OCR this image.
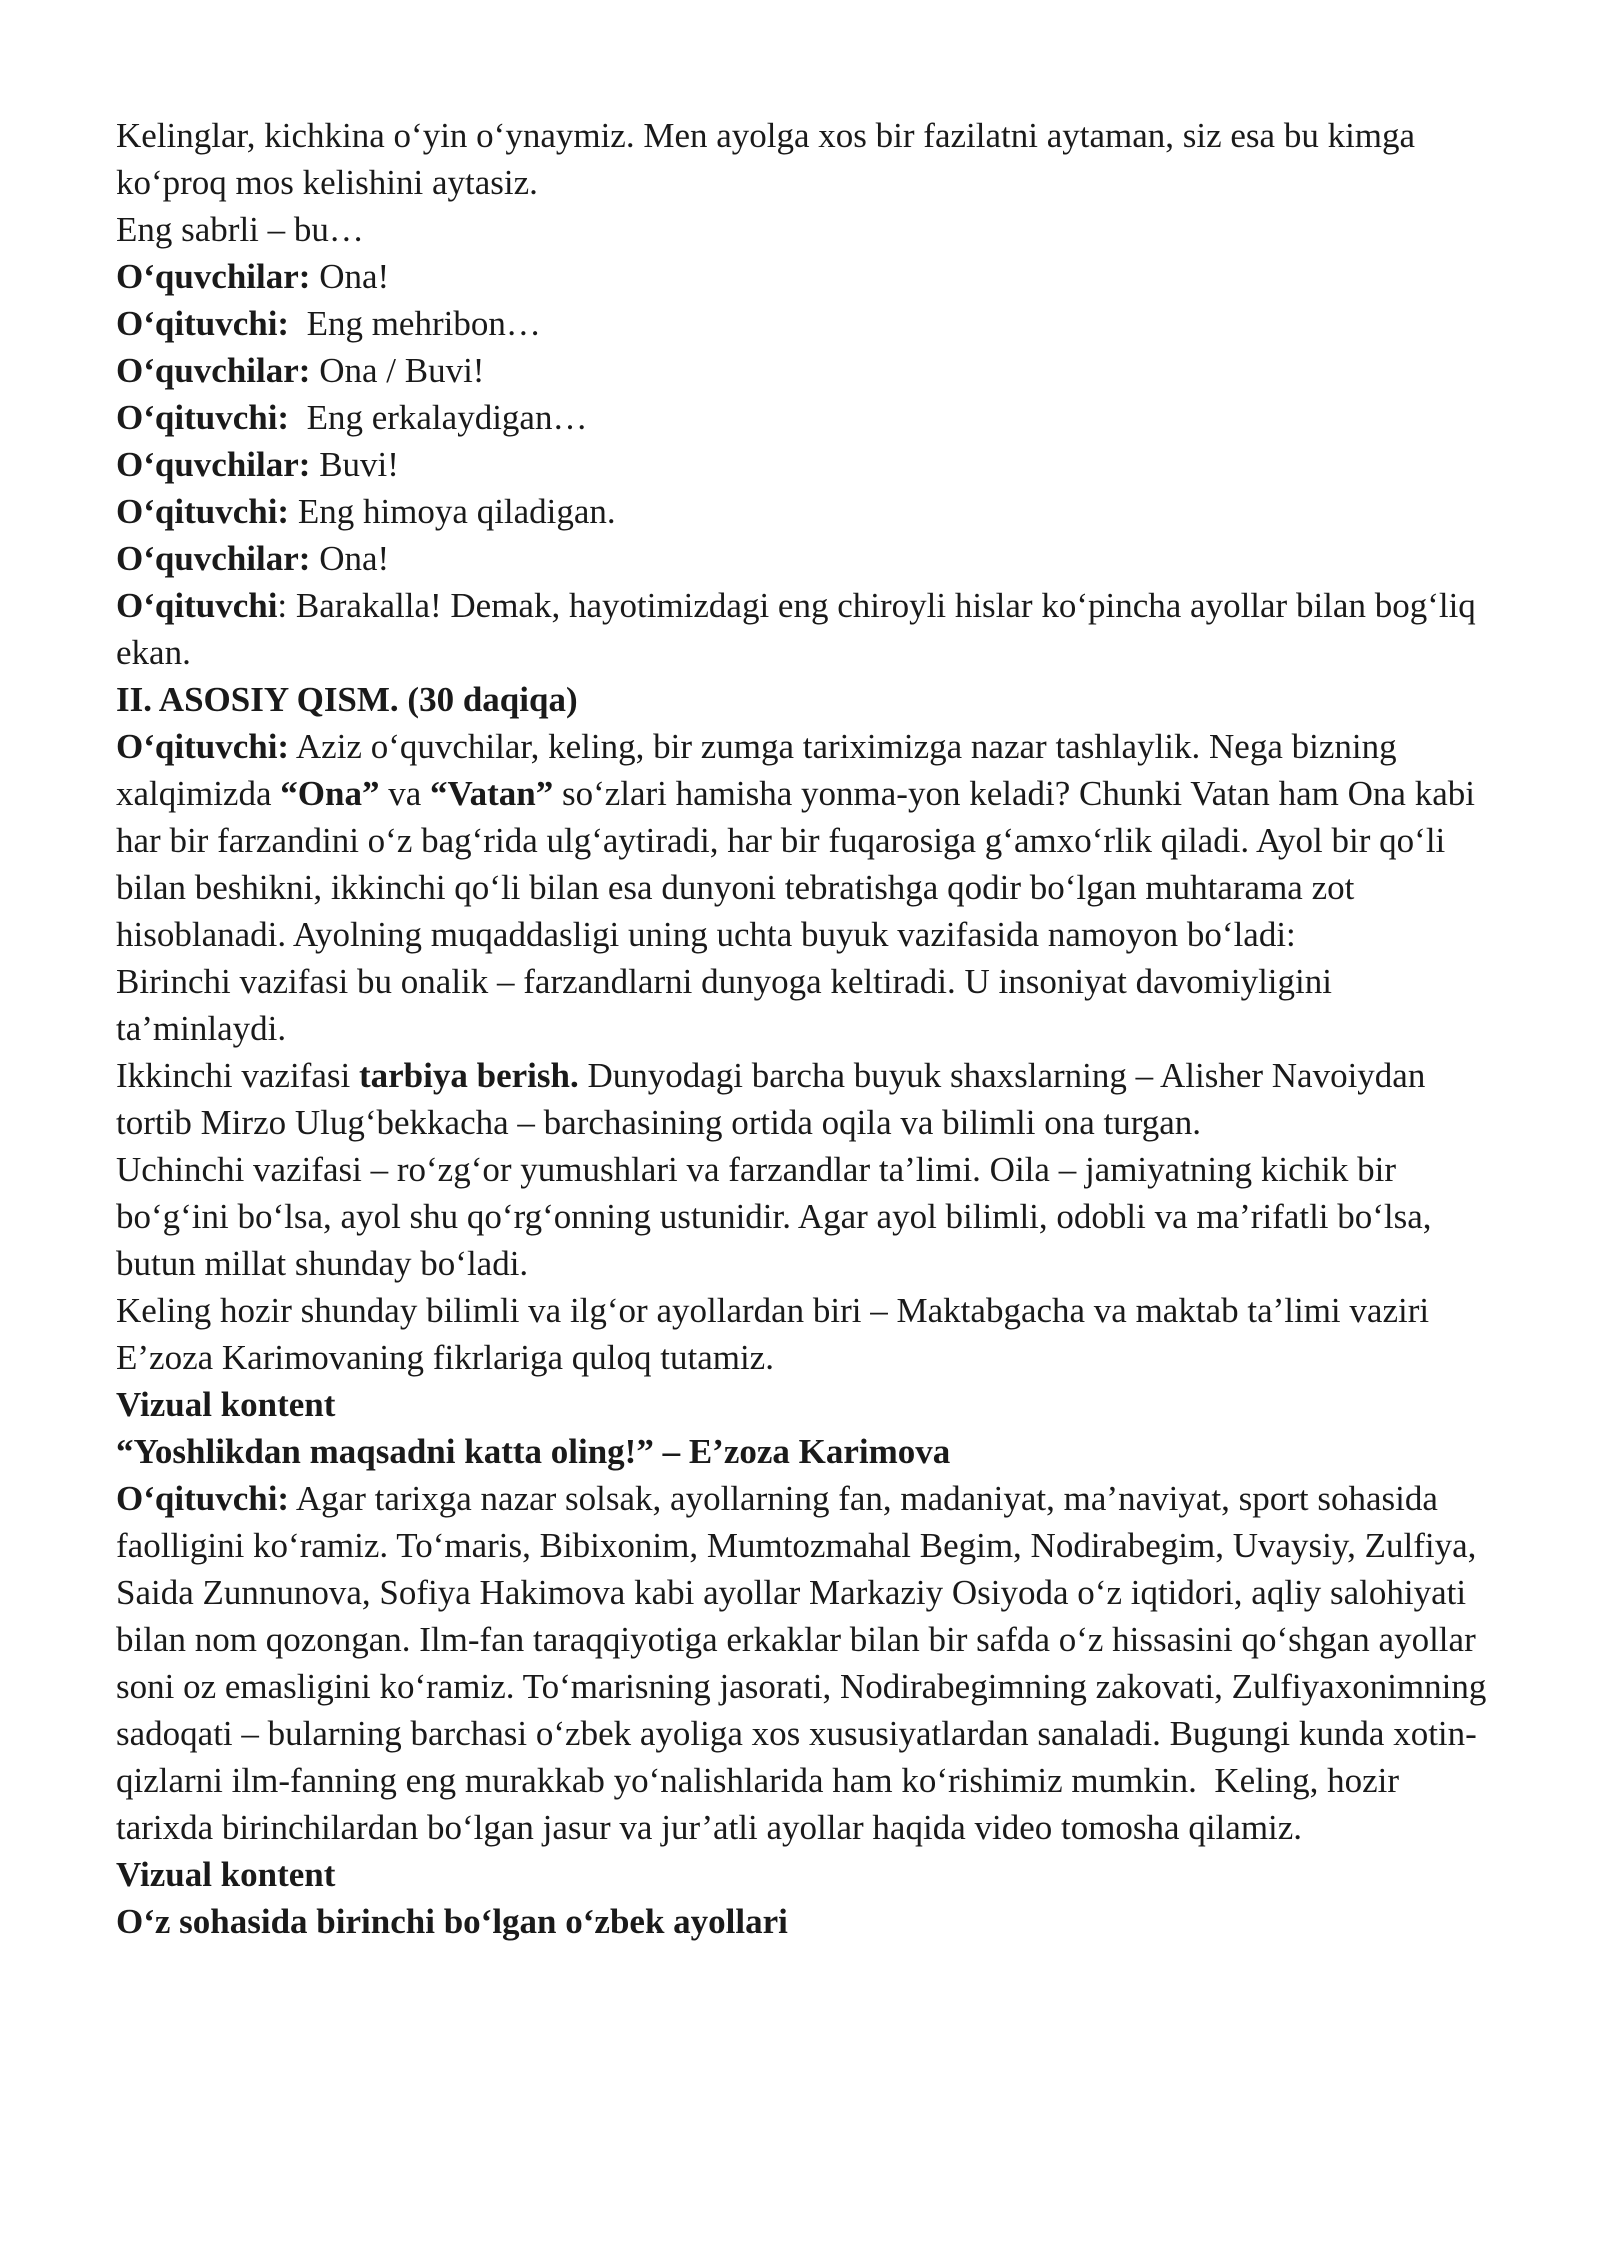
Kelinglar, kichkina o‘yin o‘ynaymiz. Men ayolga xos bir fazilatni aytaman, siz esa bu kimga ko‘proq mos kelishini aytasiz.

Eng sabrli – bu…

O‘quvchilar: Ona!

O‘qituvchi:  Eng mehribon…

O‘quvchilar: Ona / Buvi!

O‘qituvchi:  Eng erkalaydigan…

O‘quvchilar: Buvi!

O‘qituvchi: Eng himoya qiladigan.

O‘quvchilar: Ona!

O‘qituvchi: Barakalla! Demak, hayotimizdagi eng chiroyli hislar ko‘pincha ayollar bilan bog‘liq ekan.

II. ASOSIY QISM. (30 daqiqa)

O‘qituvchi: Aziz o‘quvchilar, keling, bir zumga tariximizga nazar tashlaylik. Nega bizning xalqimizda “Ona” va “Vatan” so‘zlari hamisha yonma-yon keladi? Chunki Vatan ham Ona kabi har bir farzandini o‘z bag‘rida ulg‘aytiradi, har bir fuqarosiga g‘amxo‘rlik qiladi. Ayol bir qo‘li bilan beshikni, ikkinchi qo‘li bilan esa dunyoni tebratishga qodir bo‘lgan muhtarama zot hisoblanadi. Ayolning muqaddasligi uning uchta buyuk vazifasida namoyon bo‘ladi:

Birinchi vazifasi bu onalik – farzandlarni dunyoga keltiradi. U insoniyat davomiyligini ta’minlaydi.

Ikkinchi vazifasi tarbiya berish. Dunyodagi barcha buyuk shaxslarning – Alisher Navoiydan tortib Mirzo Ulug‘bekkacha – barchasining ortida oqila va bilimli ona turgan.

Uchinchi vazifasi – ro‘zg‘or yumushlari va farzandlar ta’limi. Oila – jamiyatning kichik bir bo‘g‘ini bo‘lsa, ayol shu qo‘rg‘onning ustunidir. Agar ayol bilimli, odobli va ma’rifatli bo‘lsa, butun millat shunday bo‘ladi.

Keling hozir shunday bilimli va ilg‘or ayollardan biri – Maktabgacha va maktab ta’limi vaziri E’zoza Karimovaning fikrlariga quloq tutamiz.

Vizual kontent

“Yoshlikdan maqsadni katta oling!” – E’zoza Karimova

O‘qituvchi: Agar tarixga nazar solsak, ayollarning fan, madaniyat, ma’naviyat, sport sohasida faolligini ko‘ramiz. To‘maris, Bibixonim, Mumtozmahal Begim, Nodirabegim, Uvaysiy, Zulfiya, Saida Zunnunova, Sofiya Hakimova kabi ayollar Markaziy Osiyoda o‘z iqtidori, aqliy salohiyati bilan nom qozongan. Ilm-fan taraqqiyotiga erkaklar bilan bir safda o‘z hissasini qo‘shgan ayollar soni oz emasligini ko‘ramiz. To‘marisning jasorati, Nodirabegimning zakovati, Zulfiyaxonimning sadoqati – bularning barchasi o‘zbek ayoliga xos xususiyatlardan sanaladi. Bugungi kunda xotin-qizlarni ilm-fanning eng murakkab yo‘nalishlarida ham ko‘rishimiz mumkin.  Keling, hozir tarixda birinchilardan bo‘lgan jasur va jur’atli ayollar haqida video tomosha qilamiz.

Vizual kontent

O‘z sohasida birinchi bo‘lgan o‘zbek ayollari
